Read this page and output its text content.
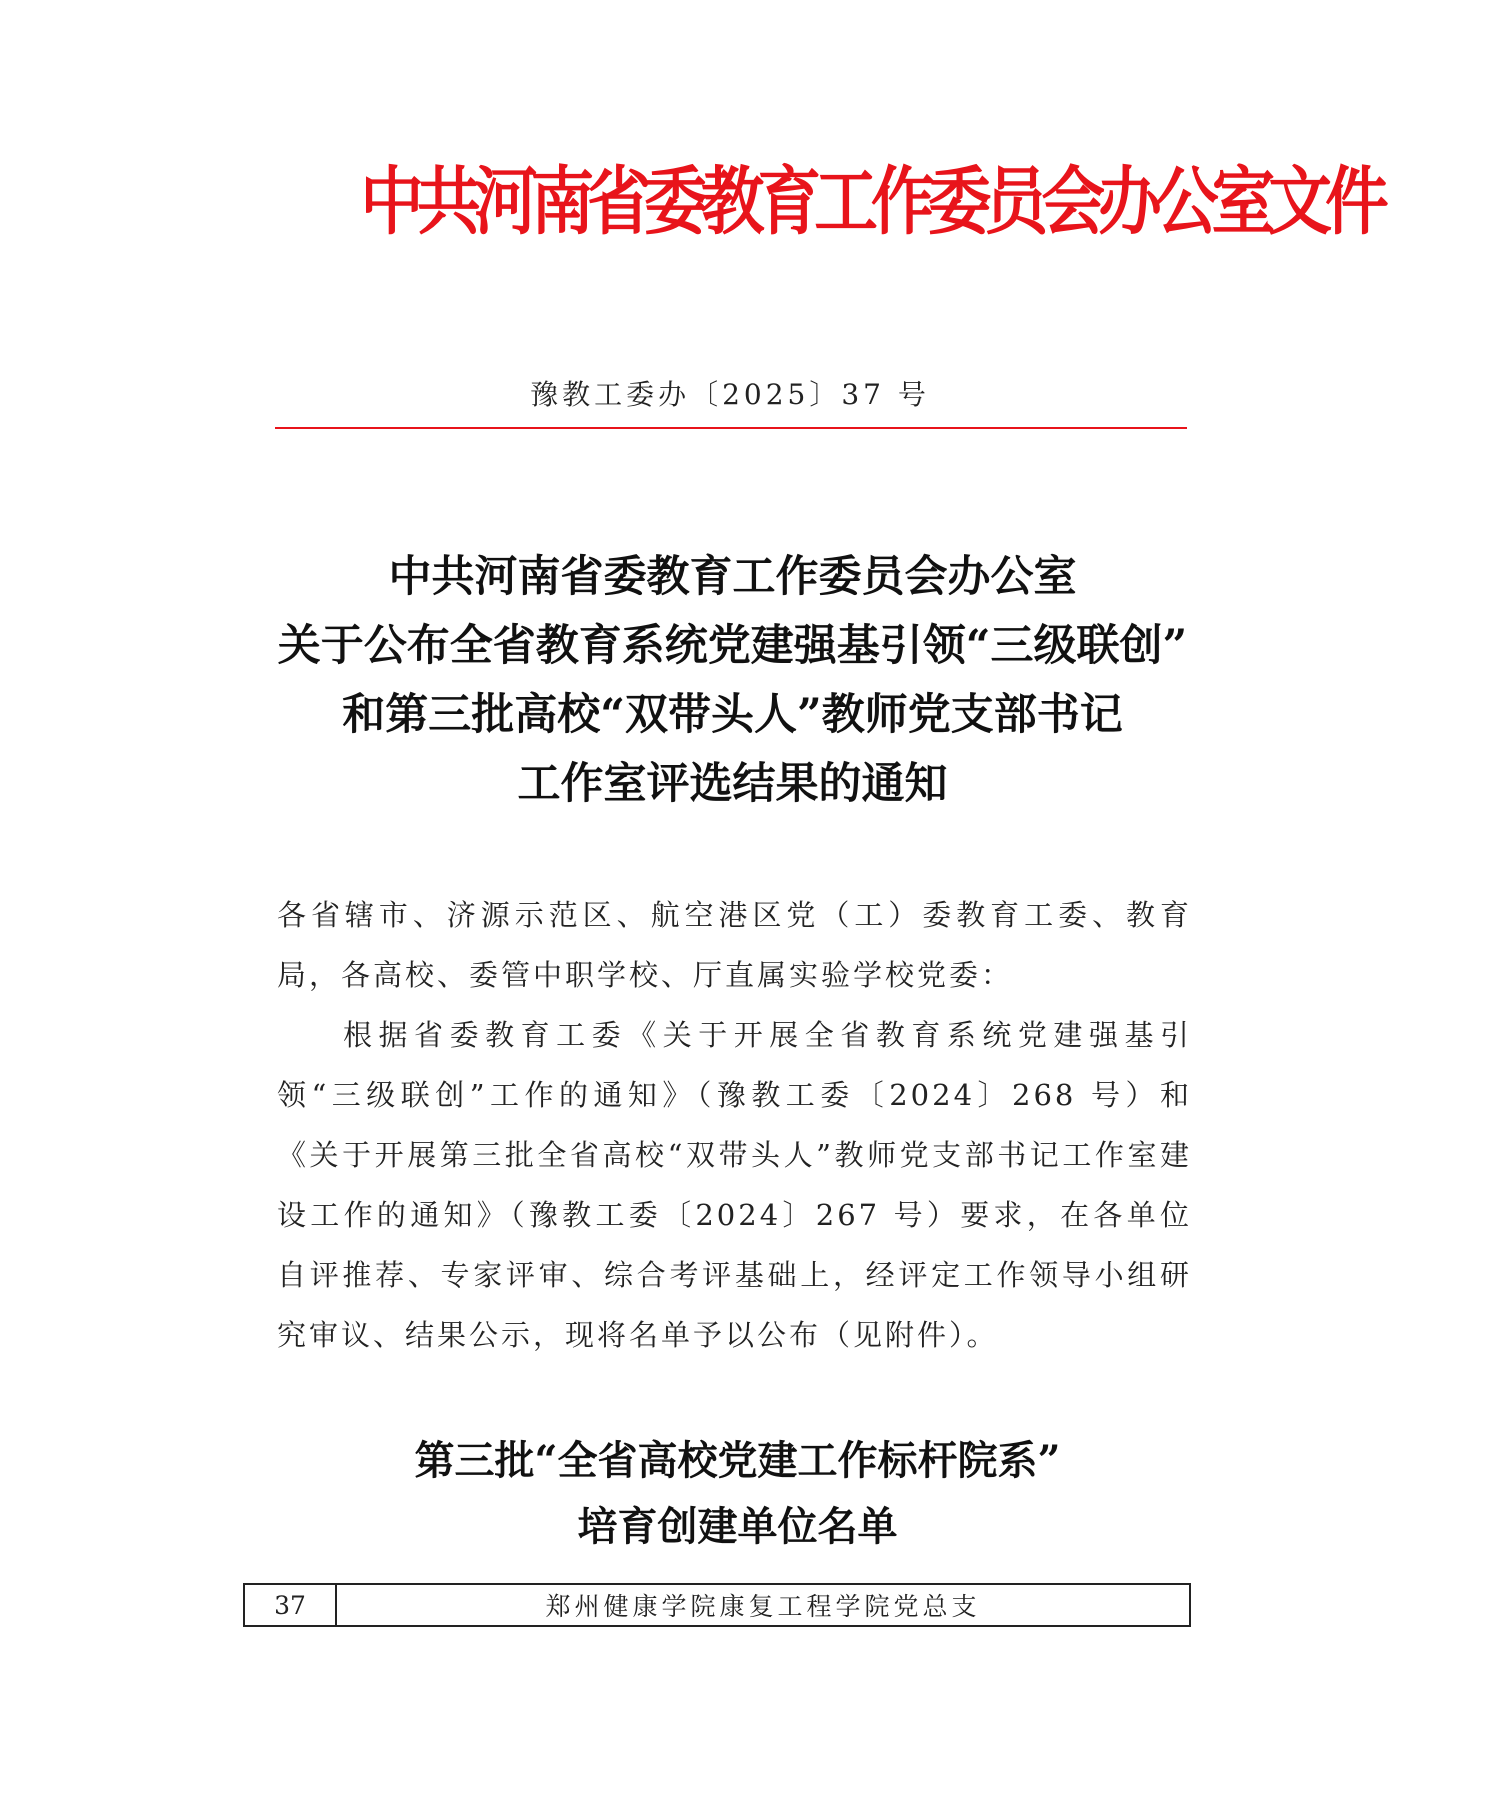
中共河南省委教育工作委员会办公室文件
豫教工委办〔2025〕37 号
中共河南省委教育工作委员会办公室
关于公布全省教育系统党建强基引领“三级联创”
和第三批高校“双带头人”教师党支部书记
工作室评选结果的通知
各省辖市、济源示范区、航空港区党（工）委教育工委、教育局，各高校、委管中职学校、厅直属实验学校党委：
根据省委教育工委《关于开展全省教育系统党建强基引领“三级联创”工作的通知》（豫教工委〔2024〕268 号）和《关于开展第三批全省高校“双带头人”教师党支部书记工作室建设工作的通知》（豫教工委〔2024〕267 号）要求，在各单位自评推荐、专家评审、综合考评基础上，经评定工作领导小组研究审议、结果公示，现将名单予以公布（见附件）。
第三批“全省高校党建工作标杆院系”
培育创建单位名单
37	郑州健康学院康复工程学院党总支
